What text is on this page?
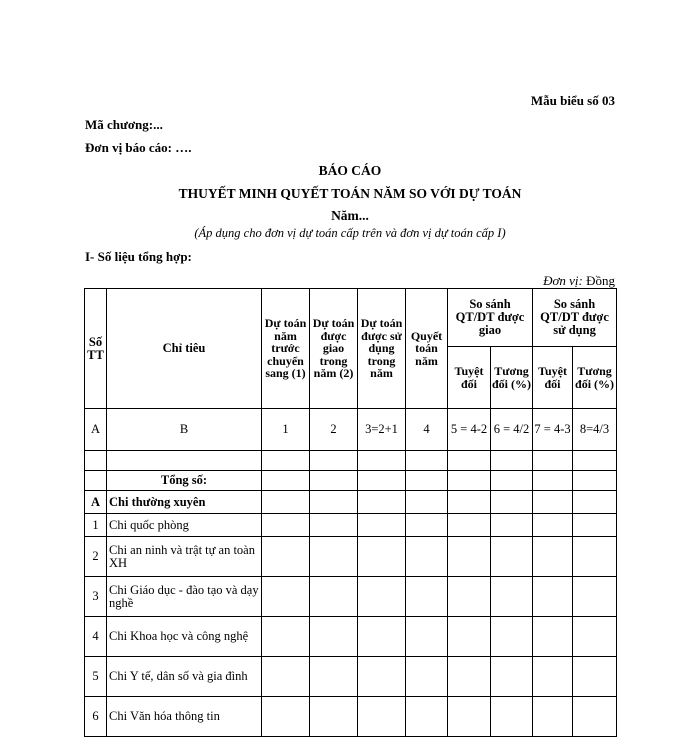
Mẫu biểu số 03
Mã chương:...
Đơn vị báo cáo: ….
BÁO CÁO
THUYẾT MINH QUYẾT TOÁN NĂM SO VỚI DỰ TOÁN
Năm...
(Áp dụng cho đơn vị dự toán cấp trên và đơn vị dự toán cấp I)
I- Số liệu tổng hợp:
Đơn vị: Đồng
Số TT	Chỉ tiêu	Dự toán năm trước chuyển sang (1)	Dự toán được giao trong năm (2)	Dự toán được sử dụng trong năm	Quyết toán năm	So sánh QT/DT được giao		So sánh QT/DT được sử dụng	
						Tuyệt đối	Tương đối (%)	Tuyệt đối	Tương đối (%)
A	B	1	2	3=2+1	4	5 = 4-2	6 = 4/2	7 = 4-3	8=4/3

	Tổng số:								
A	Chi thường xuyên								
1	Chi quốc phòng								
2	Chi an ninh và trật tự an toàn XH								
3	Chi Giáo dục - đào tạo và dạy nghề								
4	Chi Khoa học và công nghệ								
5	Chi Y tế, dân số và gia đình								
6	Chi Văn hóa thông tin								
